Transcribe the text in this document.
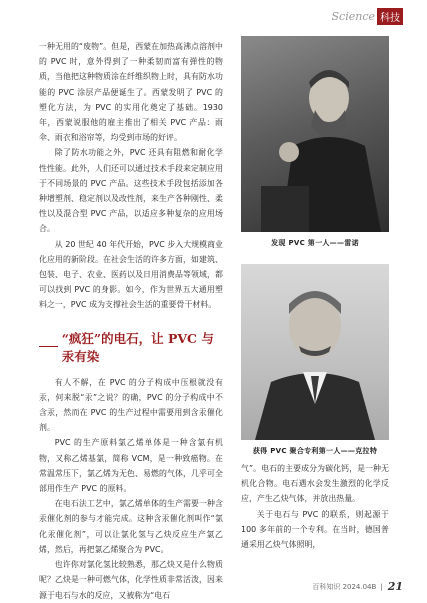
Science 科技

一种无用的“废物”。但是，西蒙在加热高沸点溶剂中的 PVC 时，意外得到了一种柔韧而富有弹性的物质，当他把这种物质涂在纤维织物上时，具有防水功能的 PVC 涂层产品便诞生了。西蒙发明了 PVC 的塑化方法，为 PVC 的实用化奠定了基础。1930 年，西蒙说服他的雇主推出了相关 PVC 产品：雨伞、雨衣和浴帘等，均受到市场的好评。

除了防水功能之外，PVC 还具有阻燃和耐化学性性能。此外，人们还可以通过技术手段来定制应用于不同场景的 PVC 产品。这些技术手段包括添加各种增塑剂、稳定剂以及改性剂，来生产各种刚性、柔性以及混合型 PVC 产品，以适应多种复杂的应用场合。

从 20 世纪 40 年代开始，PVC 步入大规模商业化应用的新阶段。在社会生活的许多方面，如建筑、包装、电子、农业、医药以及日用消费品等领域，都可以找到 PVC 的身影。如今，作为世界五大通用塑料之一，PVC 成为支撑社会生活的重要骨干材料。

“疯狂”的电石，让 PVC 与汞有染

有人不解，在 PVC 的分子构成中压根就没有汞，何来脱“汞”之说？的确，PVC 的分子构成中不含汞，然而在 PVC 的生产过程中需要用到含汞催化剂。

PVC 的生产原料氯乙烯单体是一种含氯有机物，又称乙烯基氯，简称 VCM，是一种致癌物。在常温常压下，氯乙烯为无色、易燃的气体，几乎可全部用作生产 PVC 的原料。

在电石法工艺中，氯乙烯单体的生产需要一种含汞催化剂的参与才能完成。这种含汞催化剂叫作“氯化汞催化剂”，可以让氯化氢与乙炔反应生产氯乙烯，然后，再把氯乙烯聚合为 PVC。

也许你对氯化氢比较熟悉，那乙炔又是什么物质呢？乙炔是一种可燃气体，化学性质非常活泼，因来源于电石与水的反应，又被称为“电石

发现 PVC 第一人——雷诺
获得 PVC 聚合专利第一人——克拉特

气”。电石的主要成分为碳化钙，是一种无机化合物。电石遇水会发生激烈的化学反应，产生乙炔气体，并放出热量。

关于电石与 PVC 的联系，则起源于 100 多年前的一个专利。在当时，德国普通采用乙炔气体照明，

百科知识 2024.04B | 21
